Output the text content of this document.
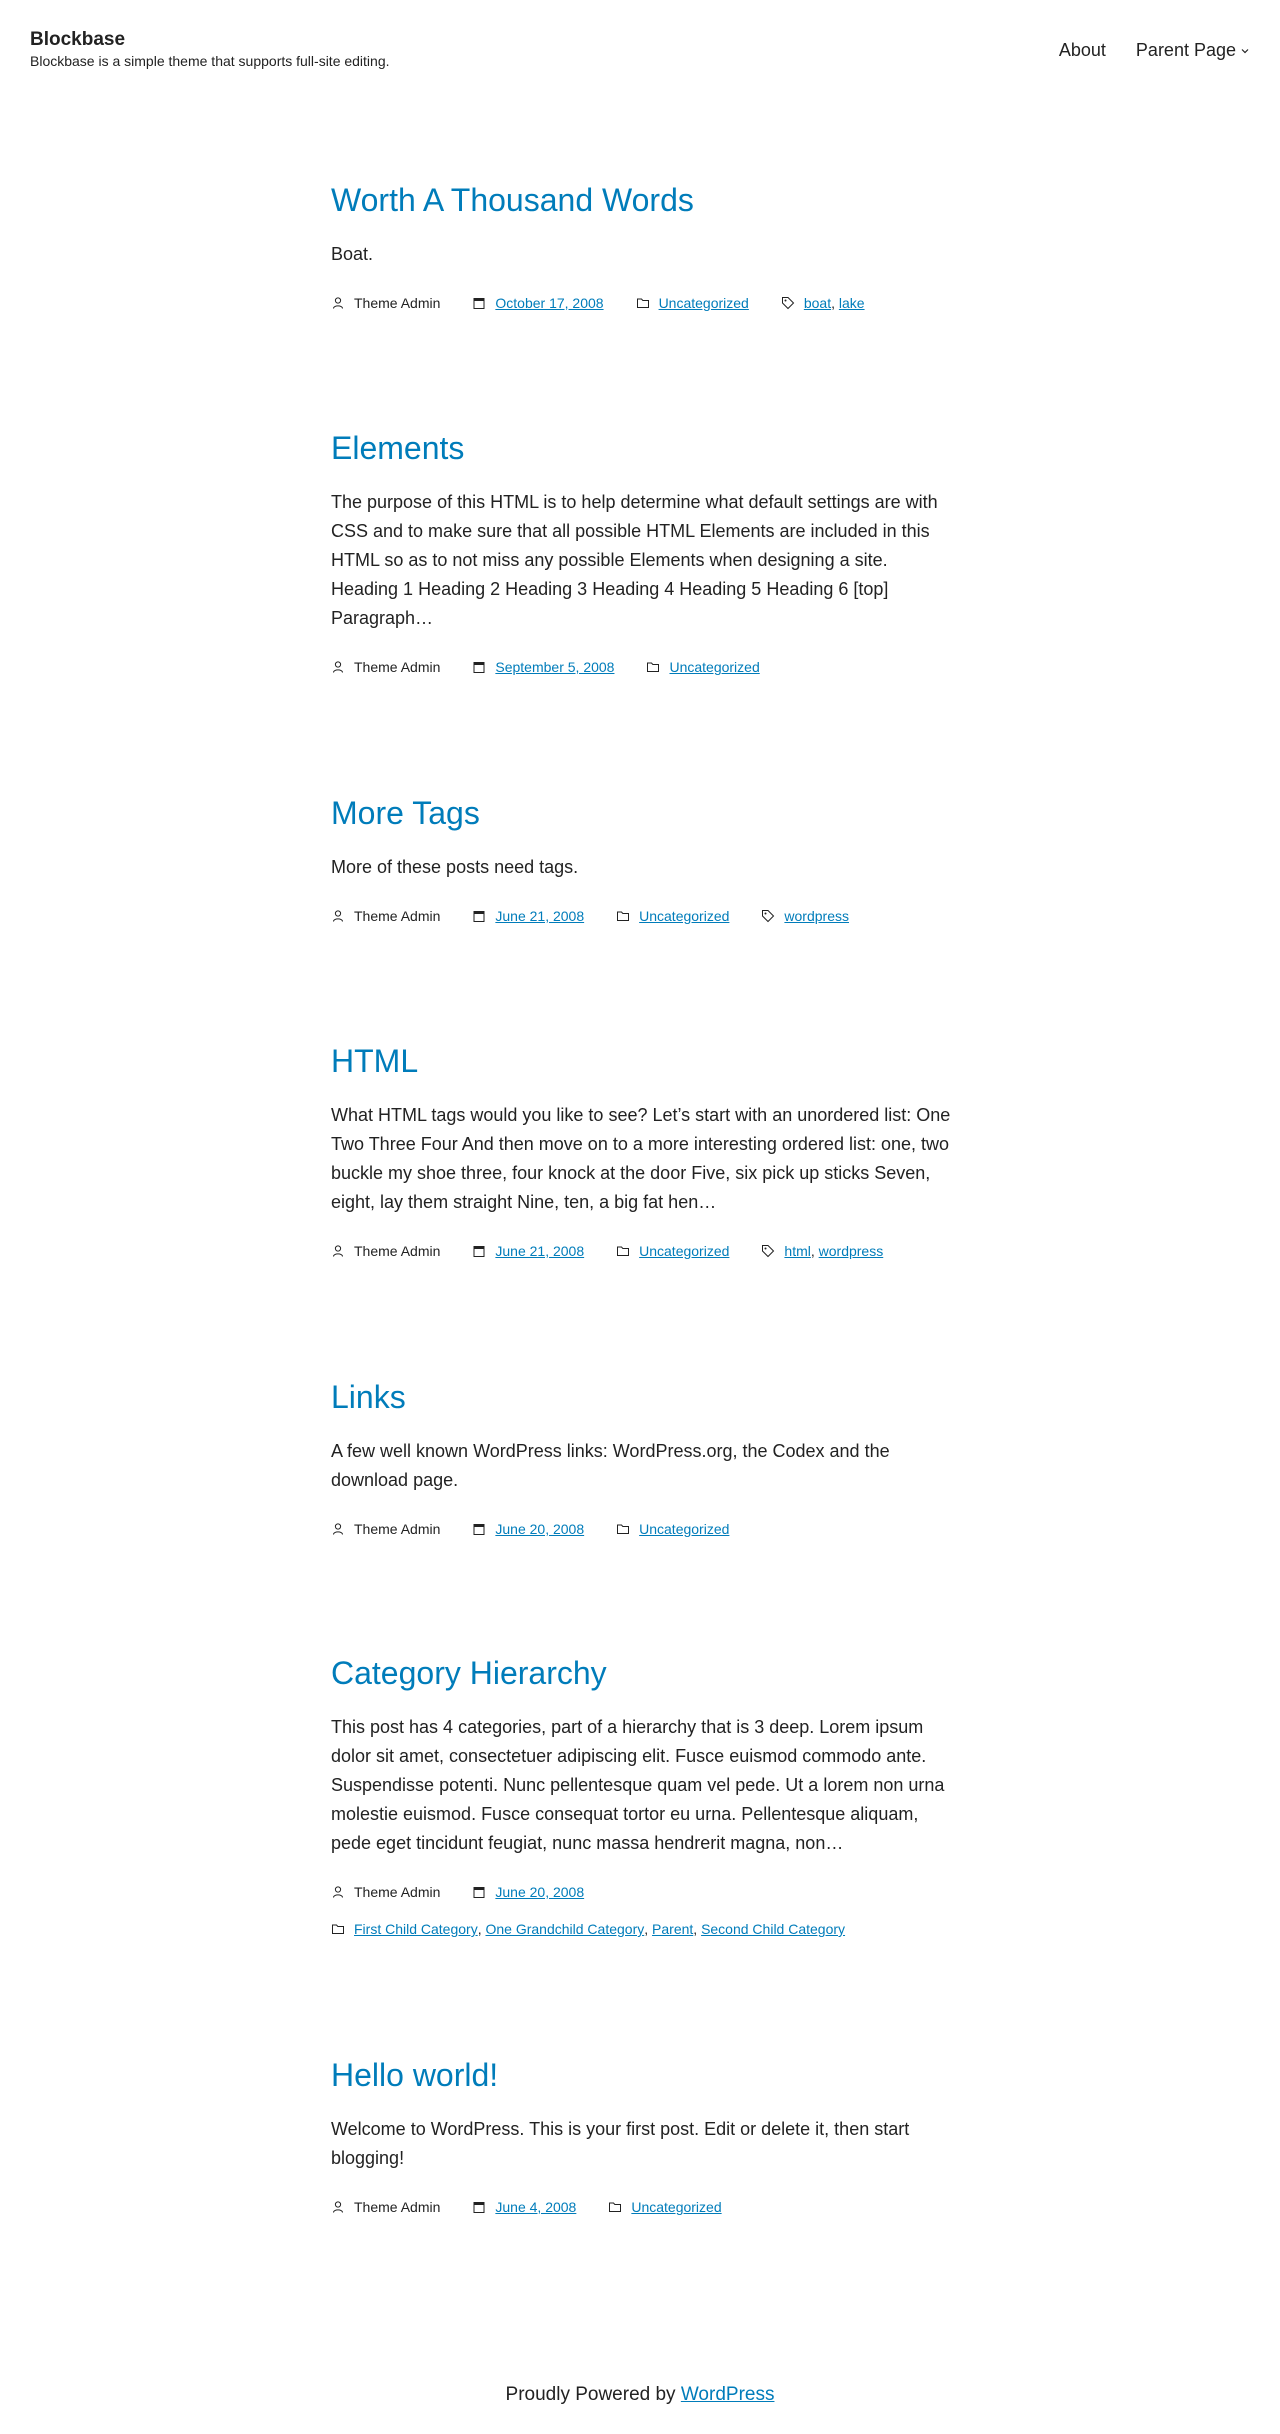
Blockbase
Blockbase is a simple theme that supports full-site editing.
About Parent Page
Worth A Thousand Words

Boat.

Theme Admin	October 17, 2008	Uncategorized	boat , lake
Elements

The purpose of this HTML is to help determine what default settings are with CSS and to make sure that all possible HTML Elements are included in this HTML so as to not miss any possible Elements when designing a site. Heading 1 Heading 2 Heading 3 Heading 4 Heading 5 Heading 6 [top] Paragraph…

Theme Admin	September 5, 2008	Uncategorized
More Tags

More of these posts need tags.

Theme Admin	June 21, 2008	Uncategorized	wordpress
HTML

What HTML tags would you like to see? Let’s start with an unordered list: One Two Three Four And then move on to a more interesting ordered list: one, two buckle my shoe three, four knock at the door Five, six pick up sticks Seven, eight, lay them straight Nine, ten, a big fat hen…

Theme Admin	June 21, 2008	Uncategorized	html , wordpress
Links

A few well known WordPress links: WordPress.org, the Codex and the download page.

Theme Admin	June 20, 2008	Uncategorized
Category Hierarchy

This post has 4 categories, part of a hierarchy that is 3 deep. Lorem ipsum dolor sit amet, consectetuer adipiscing elit. Fusce euismod commodo ante. Suspendisse potenti. Nunc pellentesque quam vel pede. Ut a lorem non urna molestie euismod. Fusce consequat tortor eu urna. Pellentesque aliquam, pede eget tincidunt feugiat, nunc massa hendrerit magna, non…

Theme Admin	June 20, 2008
First Child Category , One Grandchild Category , Parent , Second Child Category
Hello world!

Welcome to WordPress. This is your first post. Edit or delete it, then start blogging!

Theme Admin	June 4, 2008	Uncategorized
Proudly Powered by WordPress
